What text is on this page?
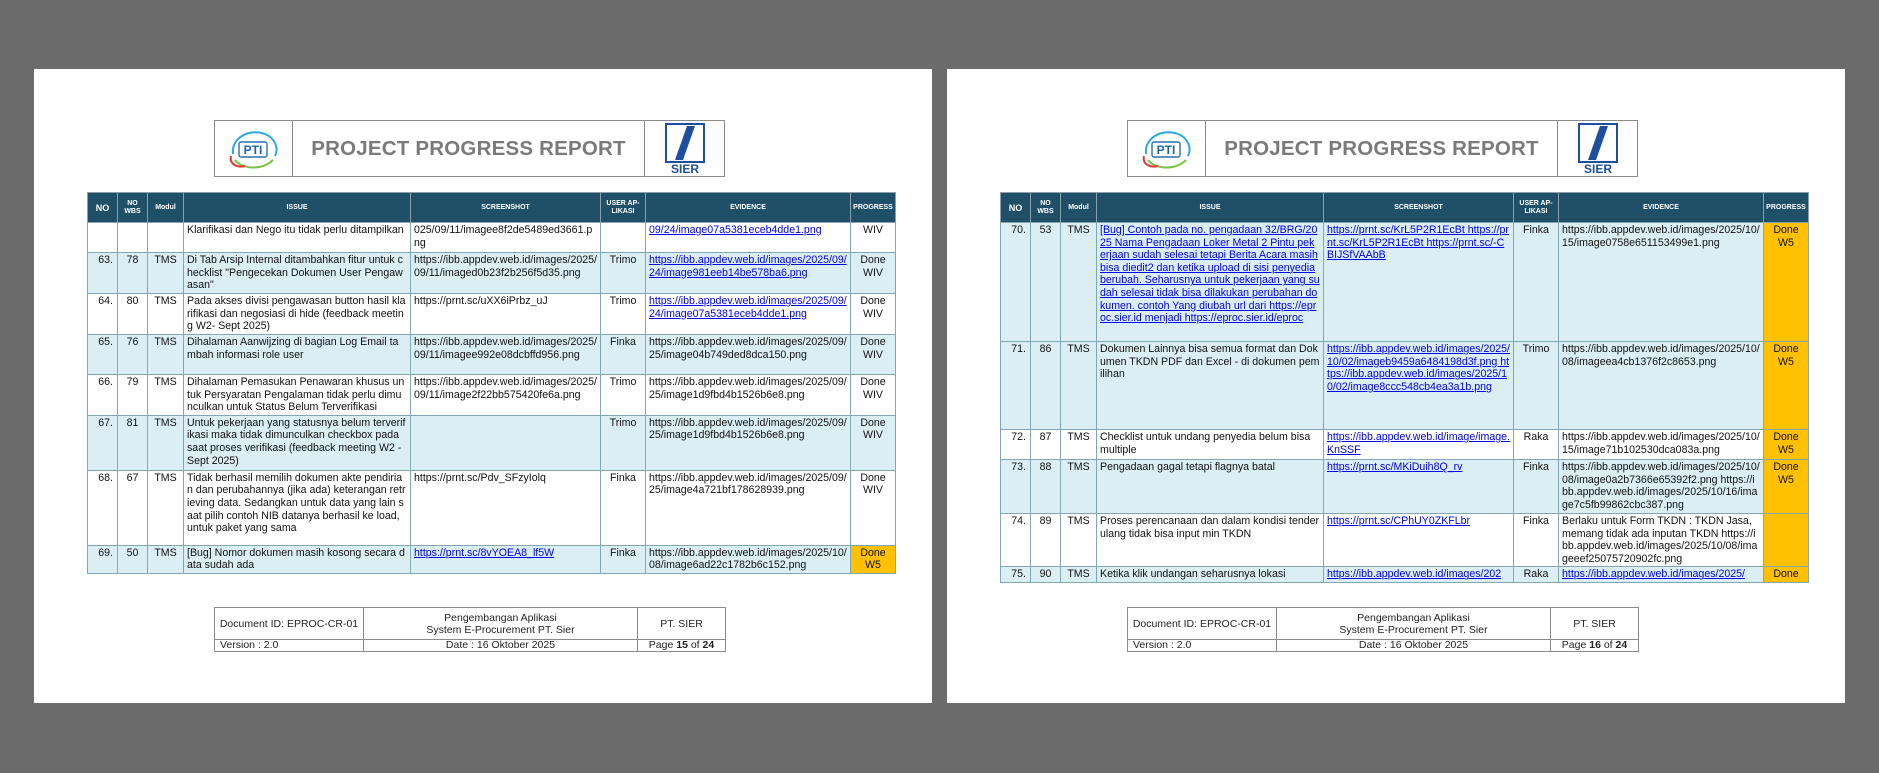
PTI	PROJECT PROGRESS REPORT
SIER
NO	NO WBS	Modul	ISSUE	SCREENSHOT	USER AP-LIKASI	EVIDENCE	PROGRESS
			Klarifikasi dan Nego itu tidak perlu ditampilkan	025/09/11/imagee8f2de5489ed3661.png		09/24/image07a5381eceb4dde1.png	WIV
63.	78	TMS	Di Tab Arsip Internal ditambahkan fitur untuk checklist "Pengecekan Dokumen User Pengawasan"	https://ibb.appdev.web.id/images/2025/09/11/imaged0b23f2b256f5d35.png	Trimo	https://ibb.appdev.web.id/images/2025/09/24/image981eeb14be578ba6.png	Done WIV
64.	80	TMS	Pada akses divisi pengawasan button hasil klarifikasi dan negosiasi di hide (feedback meeting W2- Sept 2025)	https://prnt.sc/uXX6iPrbz_uJ	Trimo	https://ibb.appdev.web.id/images/2025/09/24/image07a5381eceb4dde1.png	Done WIV
65.	76	TMS	Dihalaman Aanwijzing di bagian Log Email tambah informasi role user	https://ibb.appdev.web.id/images/2025/09/11/imagee992e08dcbffd956.png	Finka	https://ibb.appdev.web.id/images/2025/09/25/image04b749ded8dca150.png	Done WIV
66.	79	TMS	Dihalaman Pemasukan Penawaran khusus untuk Persyaratan Pengalaman tidak perlu dimunculkan untuk Status Belum Terverifikasi	https://ibb.appdev.web.id/images/2025/09/11/image2f22bb575420fe6a.png	Trimo	https://ibb.appdev.web.id/images/2025/09/25/image1d9fbd4b1526b6e8.png	Done WIV
67.	81	TMS	Untuk pekerjaan yang statusnya belum terverifikasi maka tidak dimunculkan checkbox pada saat proses verifikasi (feedback meeting W2 - Sept 2025)		Trimo	https://ibb.appdev.web.id/images/2025/09/25/image1d9fbd4b1526b6e8.png	Done WIV
68.	67	TMS	Tidak berhasil memilih dokumen akte pendirian dan perubahannya (jika ada) keterangan retrieving data. Sedangkan untuk data yang lain saat pilih contoh NIB datanya berhasil ke load, untuk paket yang sama	https://prnt.sc/Pdv_SFzyIolq	Finka	https://ibb.appdev.web.id/images/2025/09/25/image4a721bf178628939.png	Done WIV
69.	50	TMS	[Bug] Nomor dokumen masih kosong secara data sudah ada	https://prnt.sc/8vYOEA8_lf5W	Finka	https://ibb.appdev.web.id/images/2025/10/08/image6ad22c1782b6c152.png	Done W5
Document ID: EPROC-CR-01	Pengembangan Aplikasi
System E-Procurement PT. Sier	PT. SIER
Version : 2.0	Date : 16 Oktober 2025	Page 15 of 24
PTI	PROJECT PROGRESS REPORT
SIER
NO	NO WBS	Modul	ISSUE	SCREENSHOT	USER AP-LIKASI	EVIDENCE	PROGRESS
70.	53	TMS	[Bug] Contoh pada no. pengadaan 32/BRG/2025 Nama Pengadaan Loker Metal 2 Pintu pekerjaan sudah selesai tetapi Berita Acara masih bisa diedit2 dan ketika upload di sisi penyedia berubah. Seharusnya untuk pekerjaan yang sudah selesai tidak bisa dilakukan perubahan dokumen. contoh Yang diubah url dari https://eproc.sier.id menjadi https://eproc.sier.id/eproc	https://prnt.sc/KrL5P2R1EcBt https://prnt.sc/KrL5P2R1EcBt https://prnt.sc/-CBIJSfVAAbB	Finka	https://ibb.appdev.web.id/images/2025/10/15/image0758e651153499e1.png	Done W5
71.	86	TMS	Dokumen Lainnya bisa semua format dan Dokumen TKDN PDF dan Excel - di dokumen pemilihan	https://ibb.appdev.web.id/images/2025/10/02/imageb9459a6484198d3f.png https://ibb.appdev.web.id/images/2025/10/02/image8ccc548cb4ea3a1b.png	Trimo	https://ibb.appdev.web.id/images/2025/10/08/imageea4cb1376f2c8653.png	Done W5
72.	87	TMS	Checklist untuk undang penyedia belum bisa multiple	https://ibb.appdev.web.id/image/image.KnSSF	Raka	https://ibb.appdev.web.id/images/2025/10/15/image71b102530dca083a.png	Done W5
73.	88	TMS	Pengadaan gagal tetapi flagnya batal	https://prnt.sc/MKiDuih8Q_rv	Finka	https://ibb.appdev.web.id/images/2025/10/08/image0a2b7366e65392f2.png https://ibb.appdev.web.id/images/2025/10/16/image7c5fb99862cbc387.png	Done W5
74.	89	TMS	Proses perencanaan dan dalam kondisi tender ulang tidak bisa input min TKDN	https://prnt.sc/CPhUY0ZKFLbr	Finka	Berlaku untuk Form TKDN : TKDN Jasa, memang tidak ada inputan TKDN https://ibb.appdev.web.id/images/2025/10/08/imageeef25075720902fc.png	
75.	90	TMS	Ketika klik undangan seharusnya lokasi	https://ibb.appdev.web.id/images/202	Raka	https://ibb.appdev.web.id/images/2025/	Done
Document ID: EPROC-CR-01	Pengembangan Aplikasi
System E-Procurement PT. Sier	PT. SIER
Version : 2.0	Date : 16 Oktober 2025	Page 16 of 24
